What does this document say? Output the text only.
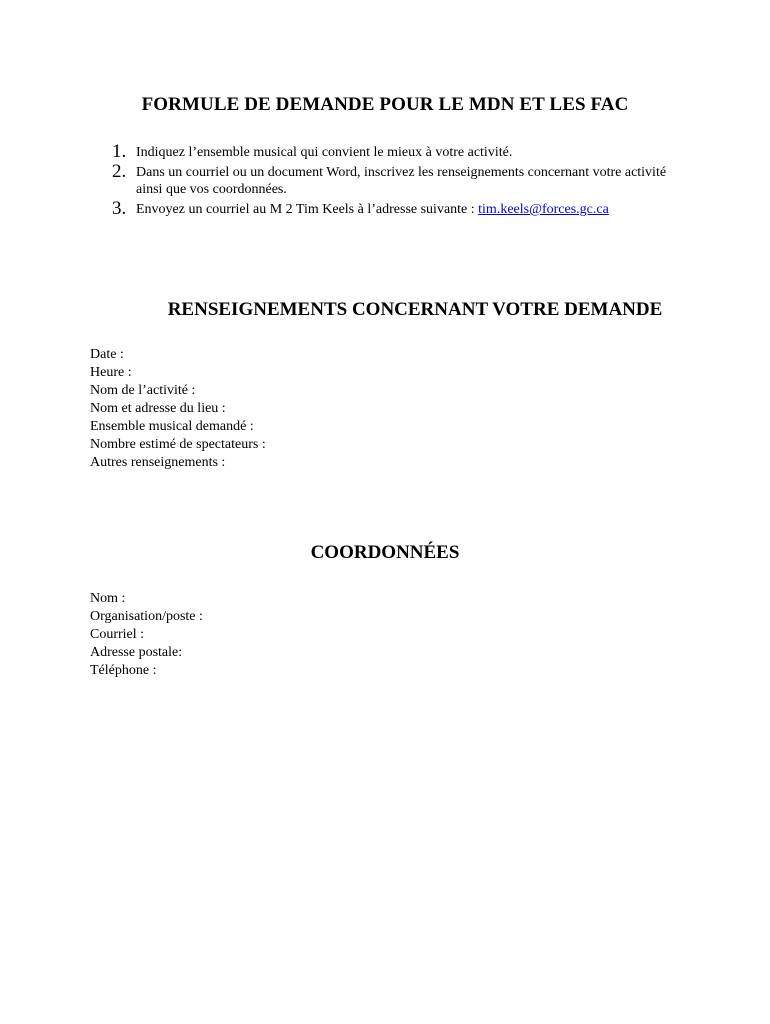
FORMULE DE DEMANDE POUR LE MDN ET LES FAC
1. Indiquez l’ensemble musical qui convient le mieux à votre activité.
2. Dans un courriel ou un document Word, inscrivez les renseignements concernant votre activité ainsi que vos coordonnées.
3. Envoyez un courriel au M 2 Tim Keels à l’adresse suivante : tim.keels@forces.gc.ca
RENSEIGNEMENTS CONCERNANT VOTRE DEMANDE
Date :
Heure :
Nom de l’activité :
Nom et adresse du lieu :
Ensemble musical demandé :
Nombre estimé de spectateurs :
Autres renseignements :
COORDONNÉES
Nom :
Organisation/poste :
Courriel :
Adresse postale:
Téléphone :
